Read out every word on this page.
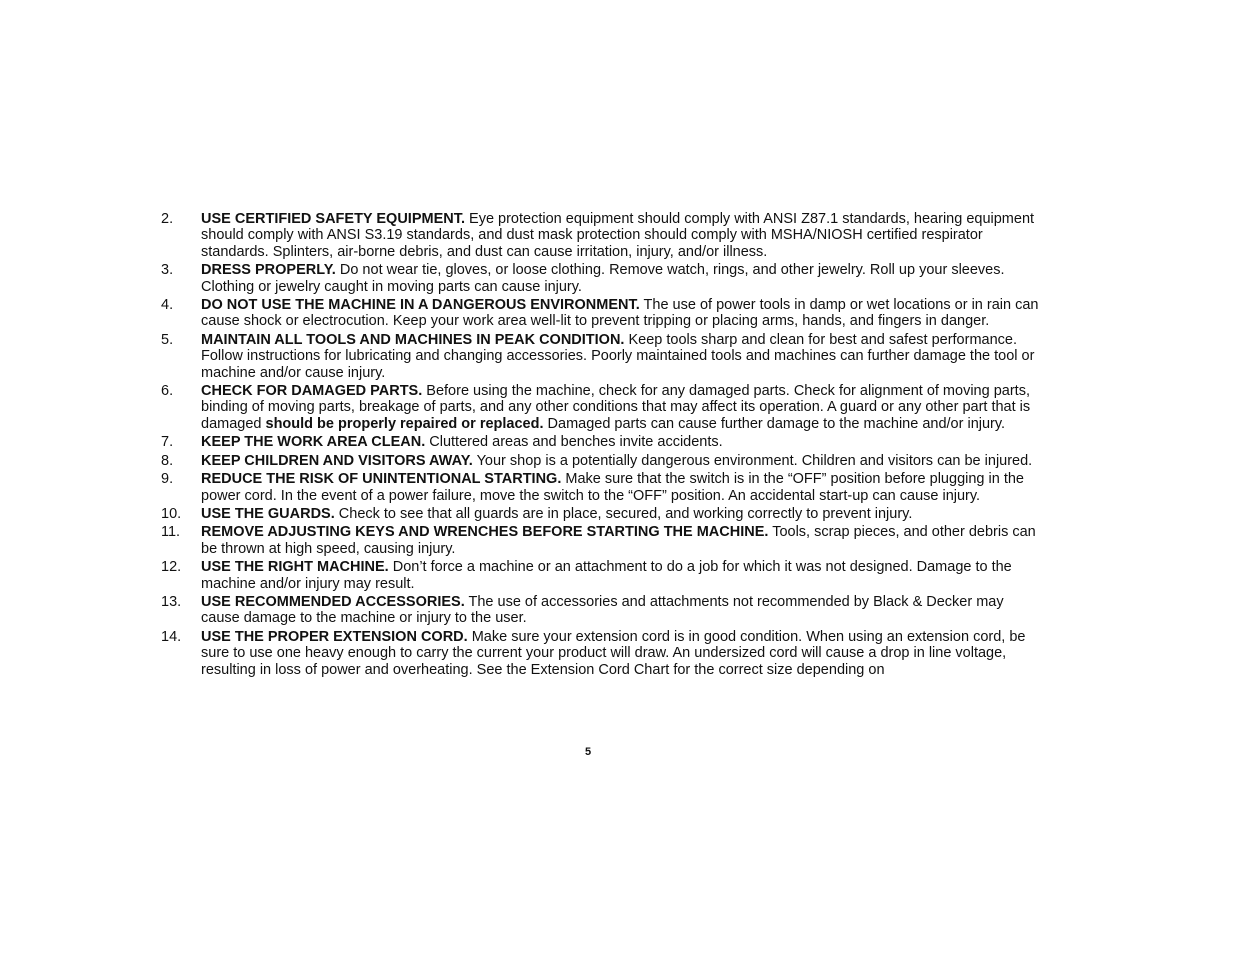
2.	USE CERTIFIED SAFETY EQUIPMENT. Eye protection equipment should comply with ANSI Z87.1 standards, hearing equipment should comply with ANSI S3.19 standards, and dust mask protection should comply with MSHA/NIOSH certified respirator standards. Splinters, air-borne debris, and dust can cause irritation, injury, and/or illness.
3.	DRESS PROPERLY. Do not wear tie, gloves, or loose clothing. Remove watch, rings, and other jewelry. Roll up your sleeves. Clothing or jewelry caught in moving parts can cause injury.
4.	DO NOT USE THE MACHINE IN A DANGEROUS ENVIRONMENT. The use of power tools in damp or wet locations or in rain can cause shock or electrocution. Keep your work area well-lit to prevent tripping or placing arms, hands, and fingers in danger.
5.	MAINTAIN ALL TOOLS AND MACHINES IN PEAK CONDITION. Keep tools sharp and clean for best and safest performance. Follow instructions for lubricating and changing accessories. Poorly maintained tools and machines can further damage the tool or machine and/or cause injury.
6.	CHECK FOR DAMAGED PARTS. Before using the machine, check for any damaged parts. Check for alignment of moving parts, binding of moving parts, breakage of parts, and any other conditions that may affect its operation. A guard or any other part that is damaged should be properly repaired or replaced. Damaged parts can cause further damage to the machine and/or injury.
7.	KEEP THE WORK AREA CLEAN. Cluttered areas and benches invite accidents.
8.	KEEP CHILDREN AND VISITORS AWAY. Your shop is a potentially dangerous environment. Children and visitors can be injured.
9.	REDUCE THE RISK OF UNINTENTIONAL STARTING. Make sure that the switch is in the “OFF” position before plugging in the power cord. In the event of a power failure, move the switch to the “OFF” position. An accidental start-up can cause injury.
10.	USE THE GUARDS. Check to see that all guards are in place, secured, and working correctly to prevent injury.
11.	REMOVE ADJUSTING KEYS AND WRENCHES BEFORE STARTING THE MACHINE. Tools, scrap pieces, and other debris can be thrown at high speed, causing injury.
12.	USE THE RIGHT MACHINE. Don’t force a machine or an attachment to do a job for which it was not designed. Damage to the machine and/or injury may result.
13.	USE RECOMMENDED ACCESSORIES. The use of accessories and attachments not recommended by Black & Decker may cause damage to the machine or injury to the user.
14.	USE THE PROPER EXTENSION CORD. Make sure your extension cord is in good condition. When using an extension cord, be sure to use one heavy enough to carry the current your product will draw. An undersized cord will cause a drop in line voltage, resulting in loss of power and overheating. See the Extension Cord Chart for the correct size depending on
5
